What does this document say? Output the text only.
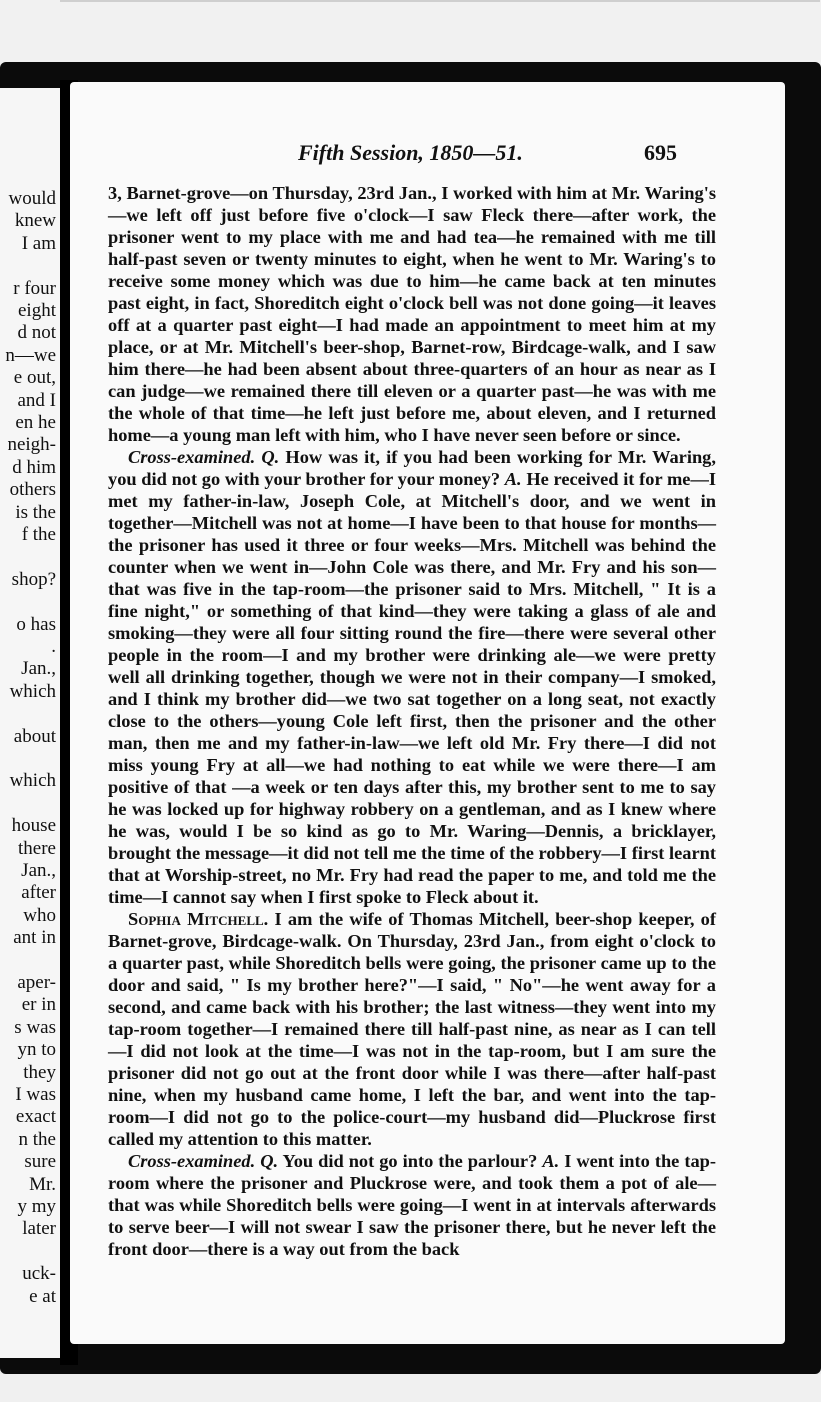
would
knew
I am
r four
eight
d not
n—we
e out,
and I
en he
neigh-
d him
others
is the
f the
shop?
o has
.
Jan.,
which
about
which
house
there
Jan.,
after
who
ant in
aper-
er in
s was
yn to
they
I was
exact
n the
sure
Mr.
y my
later
uck-
e at
Fifth Session, 1850—51.	695

3, Barnet-grove—on Thursday, 23rd Jan., I worked with him at Mr. Waring's—we left off just before five o'clock—I saw Fleck there—after work, the prisoner went to my place with me and had tea—he remained with me till half-past seven or twenty minutes to eight, when he went to Mr. Waring's to receive some money which was due to him—he came back at ten minutes past eight, in fact, Shoreditch eight o'clock bell was not done going—it leaves off at a quarter past eight—I had made an appointment to meet him at my place, or at Mr. Mitchell's beer-shop, Barnet-row, Birdcage-walk, and I saw him there—he had been absent about three-quarters of an hour as near as I can judge—we remained there till eleven or a quarter past—he was with me the whole of that time—he left just before me, about eleven, and I returned home—a young man left with him, who I have never seen before or since.

Cross-examined. Q. How was it, if you had been working for Mr. Waring, you did not go with your brother for your money? A. He received it for me—I met my father-in-law, Joseph Cole, at Mitchell's door, and we went in together—Mitchell was not at home—I have been to that house for months—the prisoner has used it three or four weeks—Mrs. Mitchell was behind the counter when we went in—John Cole was there, and Mr. Fry and his son—that was five in the tap-room—the prisoner said to Mrs. Mitchell, " It is a fine night," or something of that kind—they were taking a glass of ale and smoking—they were all four sitting round the fire—there were several other people in the room—I and my brother were drinking ale—we were pretty well all drinking together, though we were not in their company—I smoked, and I think my brother did—we two sat together on a long seat, not exactly close to the others—young Cole left first, then the prisoner and the other man, then me and my father-in-law—we left old Mr. Fry there—I did not miss young Fry at all—we had nothing to eat while we were there—I am positive of that —a week or ten days after this, my brother sent to me to say he was locked up for highway robbery on a gentleman, and as I knew where he was, would I be so kind as go to Mr. Waring—Dennis, a bricklayer, brought the message—it did not tell me the time of the robbery—I first learnt that at Worship-street, no Mr. Fry had read the paper to me, and told me the time—I cannot say when I first spoke to Fleck about it.

Sophia Mitchell. I am the wife of Thomas Mitchell, beer-shop keeper, of Barnet-grove, Birdcage-walk. On Thursday, 23rd Jan., from eight o'clock to a quarter past, while Shoreditch bells were going, the prisoner came up to the door and said, " Is my brother here?"—I said, " No"—he went away for a second, and came back with his brother; the last witness—they went into my tap-room together—I remained there till half-past nine, as near as I can tell—I did not look at the time—I was not in the tap-room, but I am sure the prisoner did not go out at the front door while I was there—after half-past nine, when my husband came home, I left the bar, and went into the tap-room—I did not go to the police-court—my husband did—Pluckrose first called my attention to this matter.

Cross-examined. Q. You did not go into the parlour? A. I went into the tap-room where the prisoner and Pluckrose were, and took them a pot of ale—that was while Shoreditch bells were going—I went in at intervals afterwards to serve beer—I will not swear I saw the prisoner there, but he never left the front door—there is a way out from the back
